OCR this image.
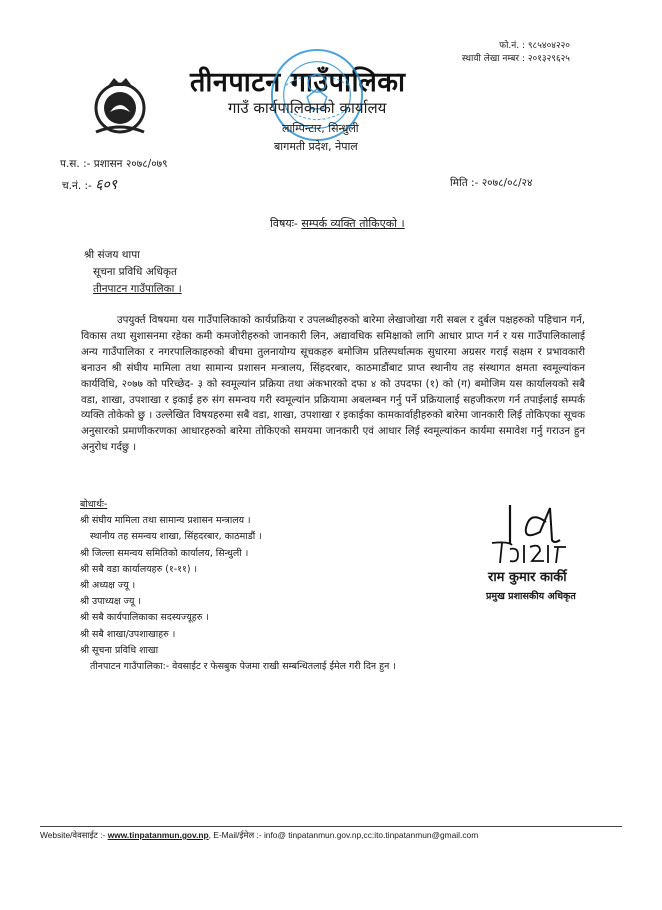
फो.नं. : ९८५४०४२२०
स्थायी लेखा नम्बर : २०१३२९६२५
तीनपाटन गाउँपालिका
गाउँ कार्यपालिकाको कार्यालय
लाम्पिन्टार, सिन्धुली
बागमती प्रदेश, नेपाल
प.स. :- प्रशासन २०७८/०७९
च.नं. :- ६०९	मिति :- २०७८/०८/२४
विषयः- सम्पर्क व्यक्ति तोकिएको ।
श्री संजय थापा
सूचना प्रविधि अधिकृत
तीनपाटन गाउँपालिका ।
उपयुर्क्त विषयमा यस गाउँपालिकाको कार्यप्रक्रिया र उपलब्धीहरुको बारेमा लेखाजोखा गरी सबल र दुर्बल पक्षहरुको पहिचान गर्न, विकास तथा सुशासनमा रहेका कमी कमजोरीहरुको जानकारी लिन, अद्यावधिक समिक्षाको लागि आधार प्राप्त गर्न र यस गाउँपालिकालाई अन्य गाउँपालिका र नगरपालिकाहरुको बीचमा तुलनायोग्य सूचकहरु बमोजिम प्रतिस्पर्धात्मक सुधारमा अग्रसर गराई सक्षम र प्रभावकारी बनाउन श्री संघीय मामिला तथा सामान्य प्रशासन मन्त्रालय, सिंहदरबार, काठमाडौंबाट प्राप्त स्थानीय तह संस्थागत क्षमता स्वमूल्यांकन कार्यविधि, २०७७ को परिच्छेद- ३ को स्वमूल्यांन प्रक्रिया तथा अंकभारको दफा ४ को उपदफा (१) को (ग) बमोजिम यस कार्यालयको सबै वडा, शाखा, उपशाखा र इकाई हरु संग समन्वय गरी स्वमूल्यांन प्रक्रियामा अबलम्बन गर्नु पर्ने प्रक्रियालाई सहजीकरण गर्न तपाईलाई सम्पर्क व्यक्ति तोकेको छु । उल्लेखित विषयहरुमा सबै वडा, शाखा, उपशाखा र इकाईका कामकार्वाहीहरुको बारेमा जानकारी लिई तोकिएका सूचक अनुसारको प्रमाणीकरणका आधारहरुको बारेमा तोकिएको समयमा जानकारी एवं आधार लिई स्वमूल्यांकन कार्यमा समावेश गर्नु गराउन हुन अनुरोध गर्दछु ।
बोधार्थः-
श्री संघीय मामिला तथा सामान्य प्रशासन मन्त्रालय ।
स्थानीय तह समन्वय शाखा, सिंहदरबार, काठमाडौं ।
श्री जिल्ला समन्वय समितिको कार्यालय, सिन्धुली ।
श्री सबै वडा कार्यालयहरु (१-११) ।
श्री अध्यक्ष ज्यू ।
श्री उपाध्यक्ष ज्यू ।
श्री सबै कार्यपालिकाका सदस्यज्यूहरु ।
श्री सबै शाखा/उपशाखाहरु ।
श्री सूचना प्रविधि शाखा
तीनपाटन गाउँपालिका:- वेवसाईट र फेसबुक पेजमा राखी सम्बन्धितलाई ईमेल गरी दिन हुन ।
राम कुमार कार्की
प्रमुख प्रशासकीय अधिकृत
Website/वेवसाईट :- www.tinpatanmun.gov.np, E-Mail/ईमेल :- info@ tinpatanmun.gov.np,cc:ito.tinpatanmun@gmail.com
